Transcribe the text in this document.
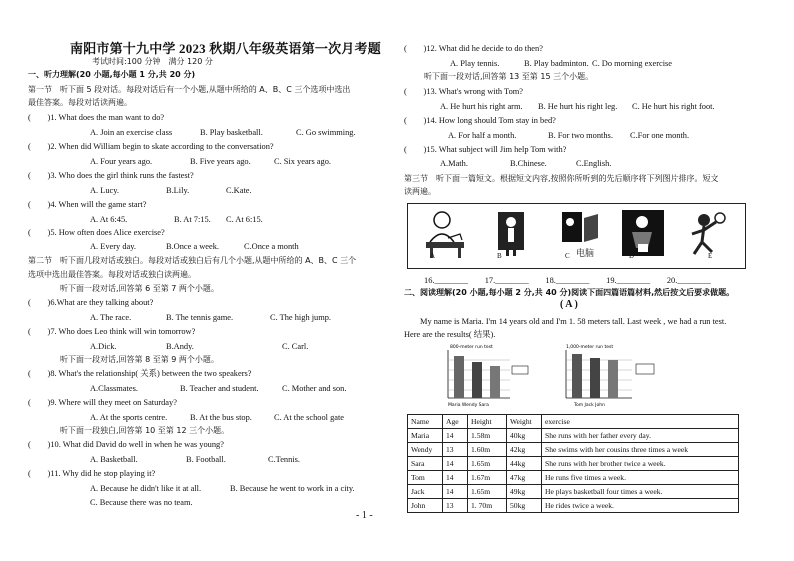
南阳市第十九中学 2023 秋期八年级英语第一次月考题
考试时间:100 分钟　满分 120 分
一、听力理解(20 小题,每小题 1 分,共 20 分)
第一节　听下面 5 段对话。每段对话后有一个小题,从题中所给的 A、B、C 三个选项中选出
最佳答案。每段对话读两遍。
(　　)1. What does the man want to do?
A. Join an exercise class	B. Play basketball.	C. Go swimming.
(　　)2. When did William begin to skate according to the conversation?
A. Four years ago.	B. Five years ago.	C. Six years ago.
(　　)3. Who does the girl think runs the fastest?
A. Lucy.	B.Lily.	C.Kate.
(　　)4. When will the game start?
A. At 6:45.	B. At 7:15. C. At 6:15.
(　　)5. How often does Alice exercise?
A. Every day.	B.Once a week.	C.Once a month
第二节　听下面几段对话或独白。每段对话或独白后有几个小题,从题中所给的 A、B、C 三个
选项中选出最佳答案。每段对话或独白读两遍。
听下面一段对话,回答第 6 至第 7 两个小题。
(　　)6.What are they talking about?
A. The race.	B. The tennis game.	C. The high jump.
(　　)7. Who does Leo think will win tomorrow?
A.Dick.	B.Andy.	C. Carl.
听下面一段对话,回答第 8 至第 9 两个小题。
(　　)8. What's the relationship( 关系) between the two speakers?
A.Classmates.	B. Teacher and student.	C. Mother and son.
(　　)9. Where will they meet on Saturday?
A. At the sports centre.	B. At the bus stop.	C. At the school gate
听下面一段独白,回答第 10 至第 12 三个小题。
(　　)10. What did David do well in when he was young?
A. Basketball.	B. Football.	C.Tennis.
(　　)11. Why did he stop playing it?
A. Because he didn't like it at all.	B. Because he went to work in a city.
C. Because there was no team.
- 1 -
(　　)12. What did he decide to do then?
A. Play tennis.	B. Play badminton. C. Do morning exercise
听下面一段对话,回答第 13 至第 15 三个小题。
(　　)13. What's wrong with Tom?
A. He hurt his right arm. B. He hurt his right leg. C. He hurt his right foot.
(　　)14. How long should Tom stay in bed?
A. For half a month.	B. For two months. C.For one month.
(　　)15. What subject will Jim help Tom with?
A.Math.	B.Chinese.	C.English.
第三节　听下面一篇短文。根据短文内容,按照你所听到的先后顺序将下列图片排序。短文
读两遍。
电脑
A	B	C	D	E
16.________　　17.________　　18.________　　19.________　　20.________
二、阅读理解(20 小题,每小题 2 分,共 40 分)阅读下面四篇语篇材料,然后按文后要求做题。
( A )
My name is Maria. I'm 14 years old and I'm 1. 58 meters tall. Last week , we had a run test.
Here are the results( 结果).
800-meter run test
Maria Wendy Sara
1,000-meter run test
Tom Jack John
Name	Age	Height	Weight	exercise
Maria	14	1.58m	40kg	She runs with her father every day.
Wendy	13	1.60m	42kg	She swims with her cousins three times a week
Sara	14	1.65m	44kg	She runs with her brother twice a week.
Tom	14	1.67m	47kg	He runs five times a week.
Jack	14	1.65m	49kg	He plays basketball four times a week.
John	13	1. 70m	50kg	He rides twice a week.
